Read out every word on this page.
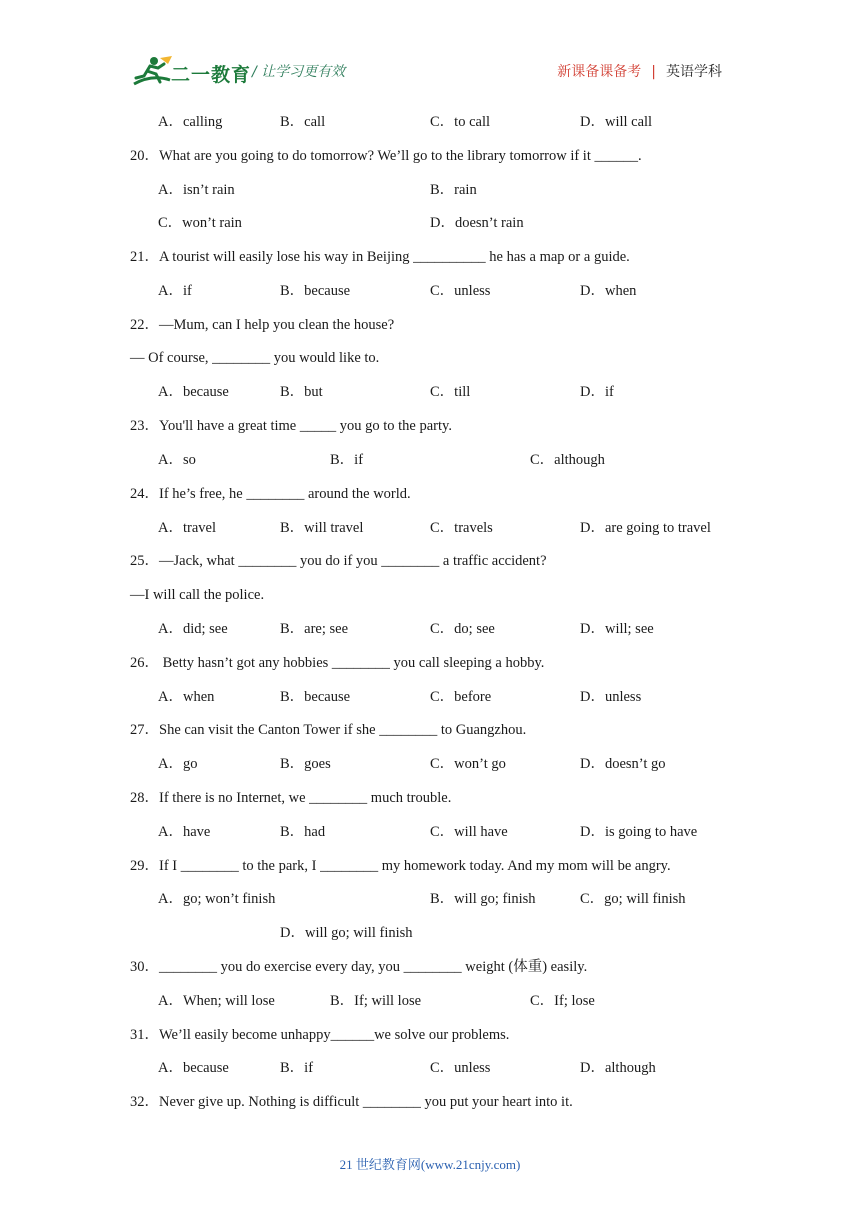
二一教育 / 让学习更有效	新课备课备考 | 英语学科
A．calling	B．call	C．to call	D．will call
20．What are you going to do tomorrow? We’ll go to the library tomorrow if it ______.
A．isn’t rain	B．rain
C．won’t rain	D．doesn’t rain
21．A tourist will easily lose his way in Beijing __________ he has a map or a guide.
A．if	B．because	C．unless	D．when
22．—Mum, can I help you clean the house?
— Of course, ________ you would like to.
A．because	B．but	C．till	D．if
23．You'll have a great time _____ you go to the party.
A．so	B．if	C．although
24．If he’s free, he ________ around the world.
A．travel	B．will travel	C．travels	D．are going to travel
25．—Jack, what ________ you do if you ________ a traffic accident?
—I will call the police.
A．did; see	B．are; see	C．do; see	D．will; see
26． Betty hasn’t got any hobbies ________ you call sleeping a hobby.
A．when	B．because	C．before	D．unless
27．She can visit the Canton Tower if she ________ to Guangzhou.
A．go	B．goes	C．won’t go	D．doesn’t go
28．If there is no Internet, we ________ much trouble.
A．have	B．had	C．will have	D．is going to have
29．If I ________ to the park, I ________ my homework today. And my mom will be angry.
A．go; won’t finish	B．will go; finish	C．go; will finish
D．will go; will finish
30．________ you do exercise every day, you ________ weight (体重) easily.
A．When; will lose	B．If; will lose	C．If; lose
31．We’ll easily become unhappy______we solve our problems.
A．because	B．if	C．unless	D．although
32．Never give up. Nothing is difficult ________ you put your heart into it.
21 世纪教育网(www.21cnjy.com)
